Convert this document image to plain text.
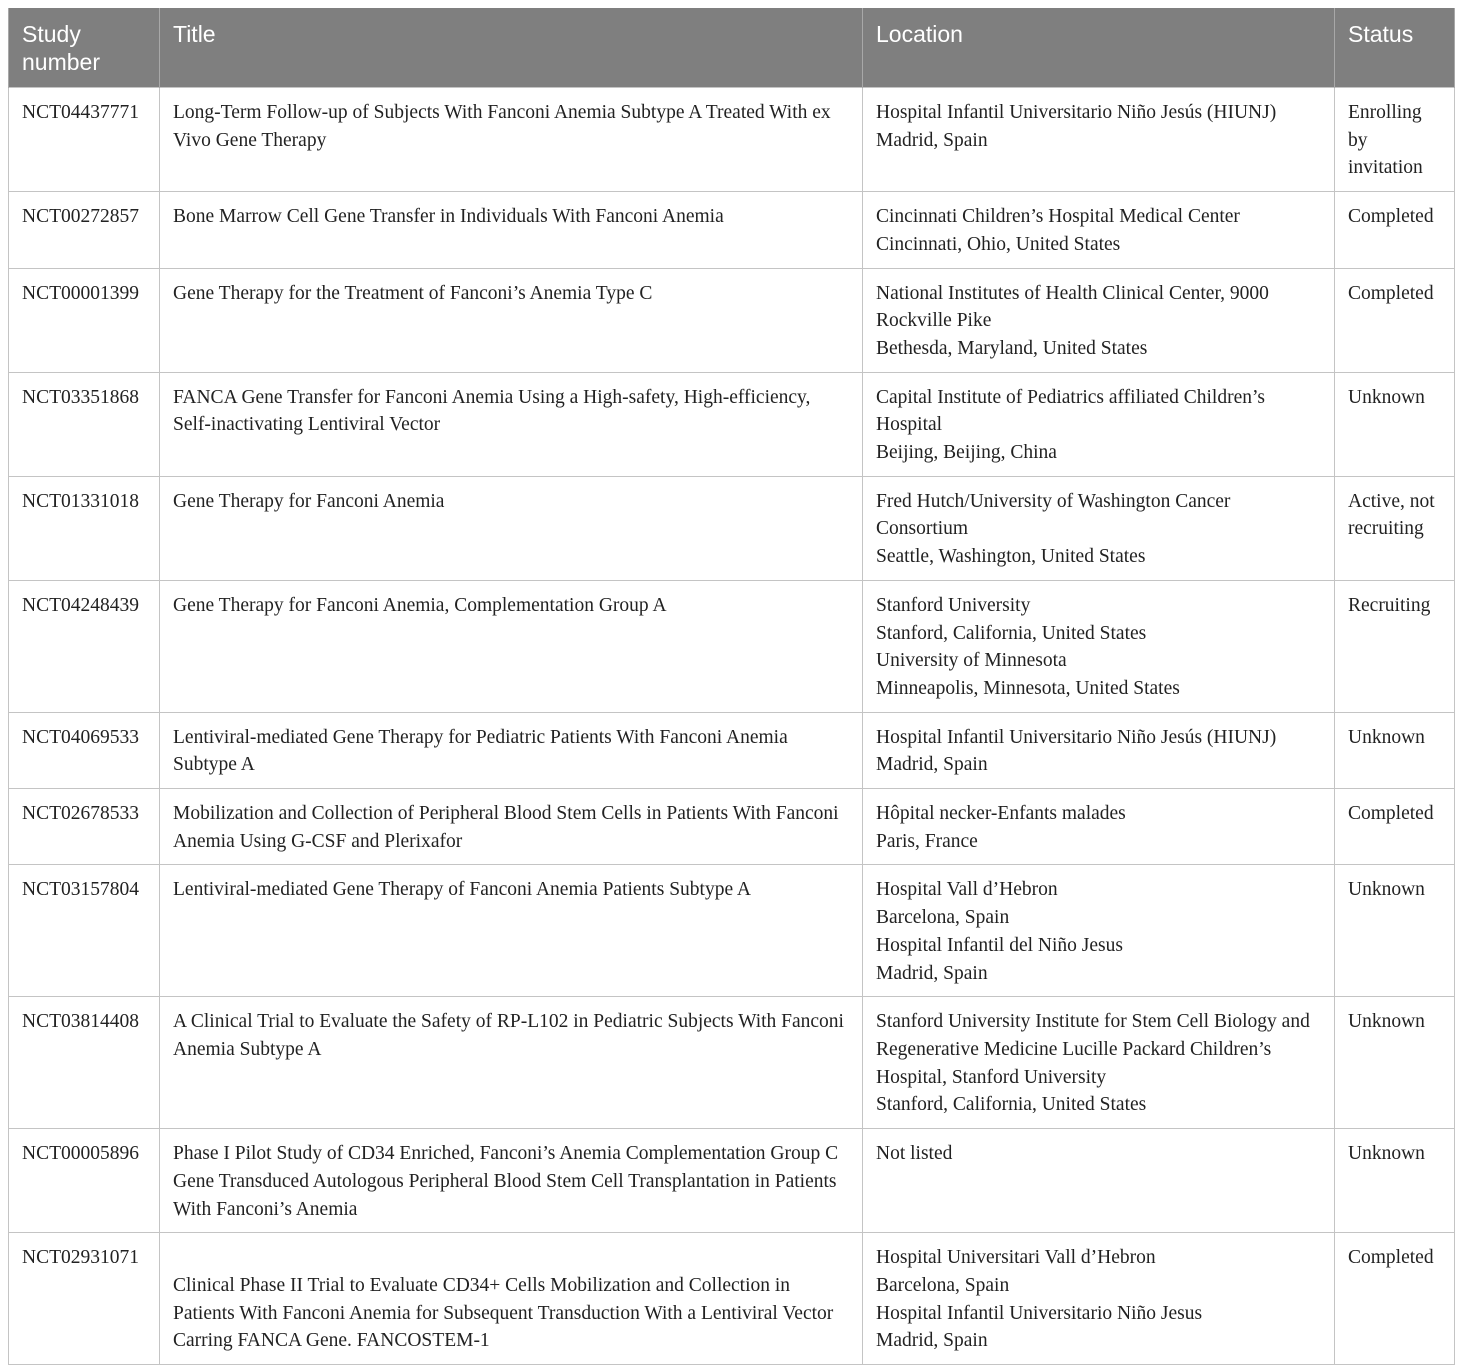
Study number	Title	Location	Status
NCT04437771	Long-Term Follow-up of Subjects With Fanconi Anemia Subtype A Treated With ex Vivo Gene Therapy	Hospital Infantil Universitario Niño Jesús (HIUNJ)
Madrid, Spain	Enrolling by invitation
NCT00272857	Bone Marrow Cell Gene Transfer in Individuals With Fanconi Anemia	Cincinnati Children’s Hospital Medical Center
Cincinnati, Ohio, United States	Completed
NCT00001399	Gene Therapy for the Treatment of Fanconi’s Anemia Type C	National Institutes of Health Clinical Center, 9000 Rockville Pike
Bethesda, Maryland, United States	Completed
NCT03351868	FANCA Gene Transfer for Fanconi Anemia Using a High-safety, High-efficiency, Self-inactivating Lentiviral Vector	Capital Institute of Pediatrics affiliated Children’s Hospital
Beijing, Beijing, China	Unknown
NCT01331018	Gene Therapy for Fanconi Anemia	Fred Hutch/University of Washington Cancer Consortium
Seattle, Washington, United States	Active, not recruiting
NCT04248439	Gene Therapy for Fanconi Anemia, Complementation Group A	Stanford University
Stanford, California, United States
University of Minnesota
Minneapolis, Minnesota, United States	Recruiting
NCT04069533	Lentiviral-mediated Gene Therapy for Pediatric Patients With Fanconi Anemia Subtype A	Hospital Infantil Universitario Niño Jesús (HIUNJ)
Madrid, Spain	Unknown
NCT02678533	Mobilization and Collection of Peripheral Blood Stem Cells in Patients With Fanconi Anemia Using G-CSF and Plerixafor	Hôpital necker-Enfants malades
Paris, France	Completed
NCT03157804	Lentiviral-mediated Gene Therapy of Fanconi Anemia Patients Subtype A	Hospital Vall d’Hebron
Barcelona, Spain
Hospital Infantil del Niño Jesus
Madrid, Spain	Unknown
NCT03814408	A Clinical Trial to Evaluate the Safety of RP-L102 in Pediatric Subjects With Fanconi Anemia Subtype A	Stanford University Institute for Stem Cell Biology and Regenerative Medicine Lucille Packard Children’s Hospital, Stanford University
Stanford, California, United States	Unknown
NCT00005896	Phase I Pilot Study of CD34 Enriched, Fanconi’s Anemia Complementation Group C Gene Transduced Autologous Peripheral Blood Stem Cell Transplantation in Patients With Fanconi’s Anemia	Not listed	Unknown
NCT02931071	Clinical Phase II Trial to Evaluate CD34+ Cells Mobilization and Collection in Patients With Fanconi Anemia for Subsequent Transduction With a Lentiviral Vector Carring FANCA Gene. FANCOSTEM-1	Hospital Universitari Vall d’Hebron
Barcelona, Spain
Hospital Infantil Universitario Niño Jesus
Madrid, Spain	Completed
